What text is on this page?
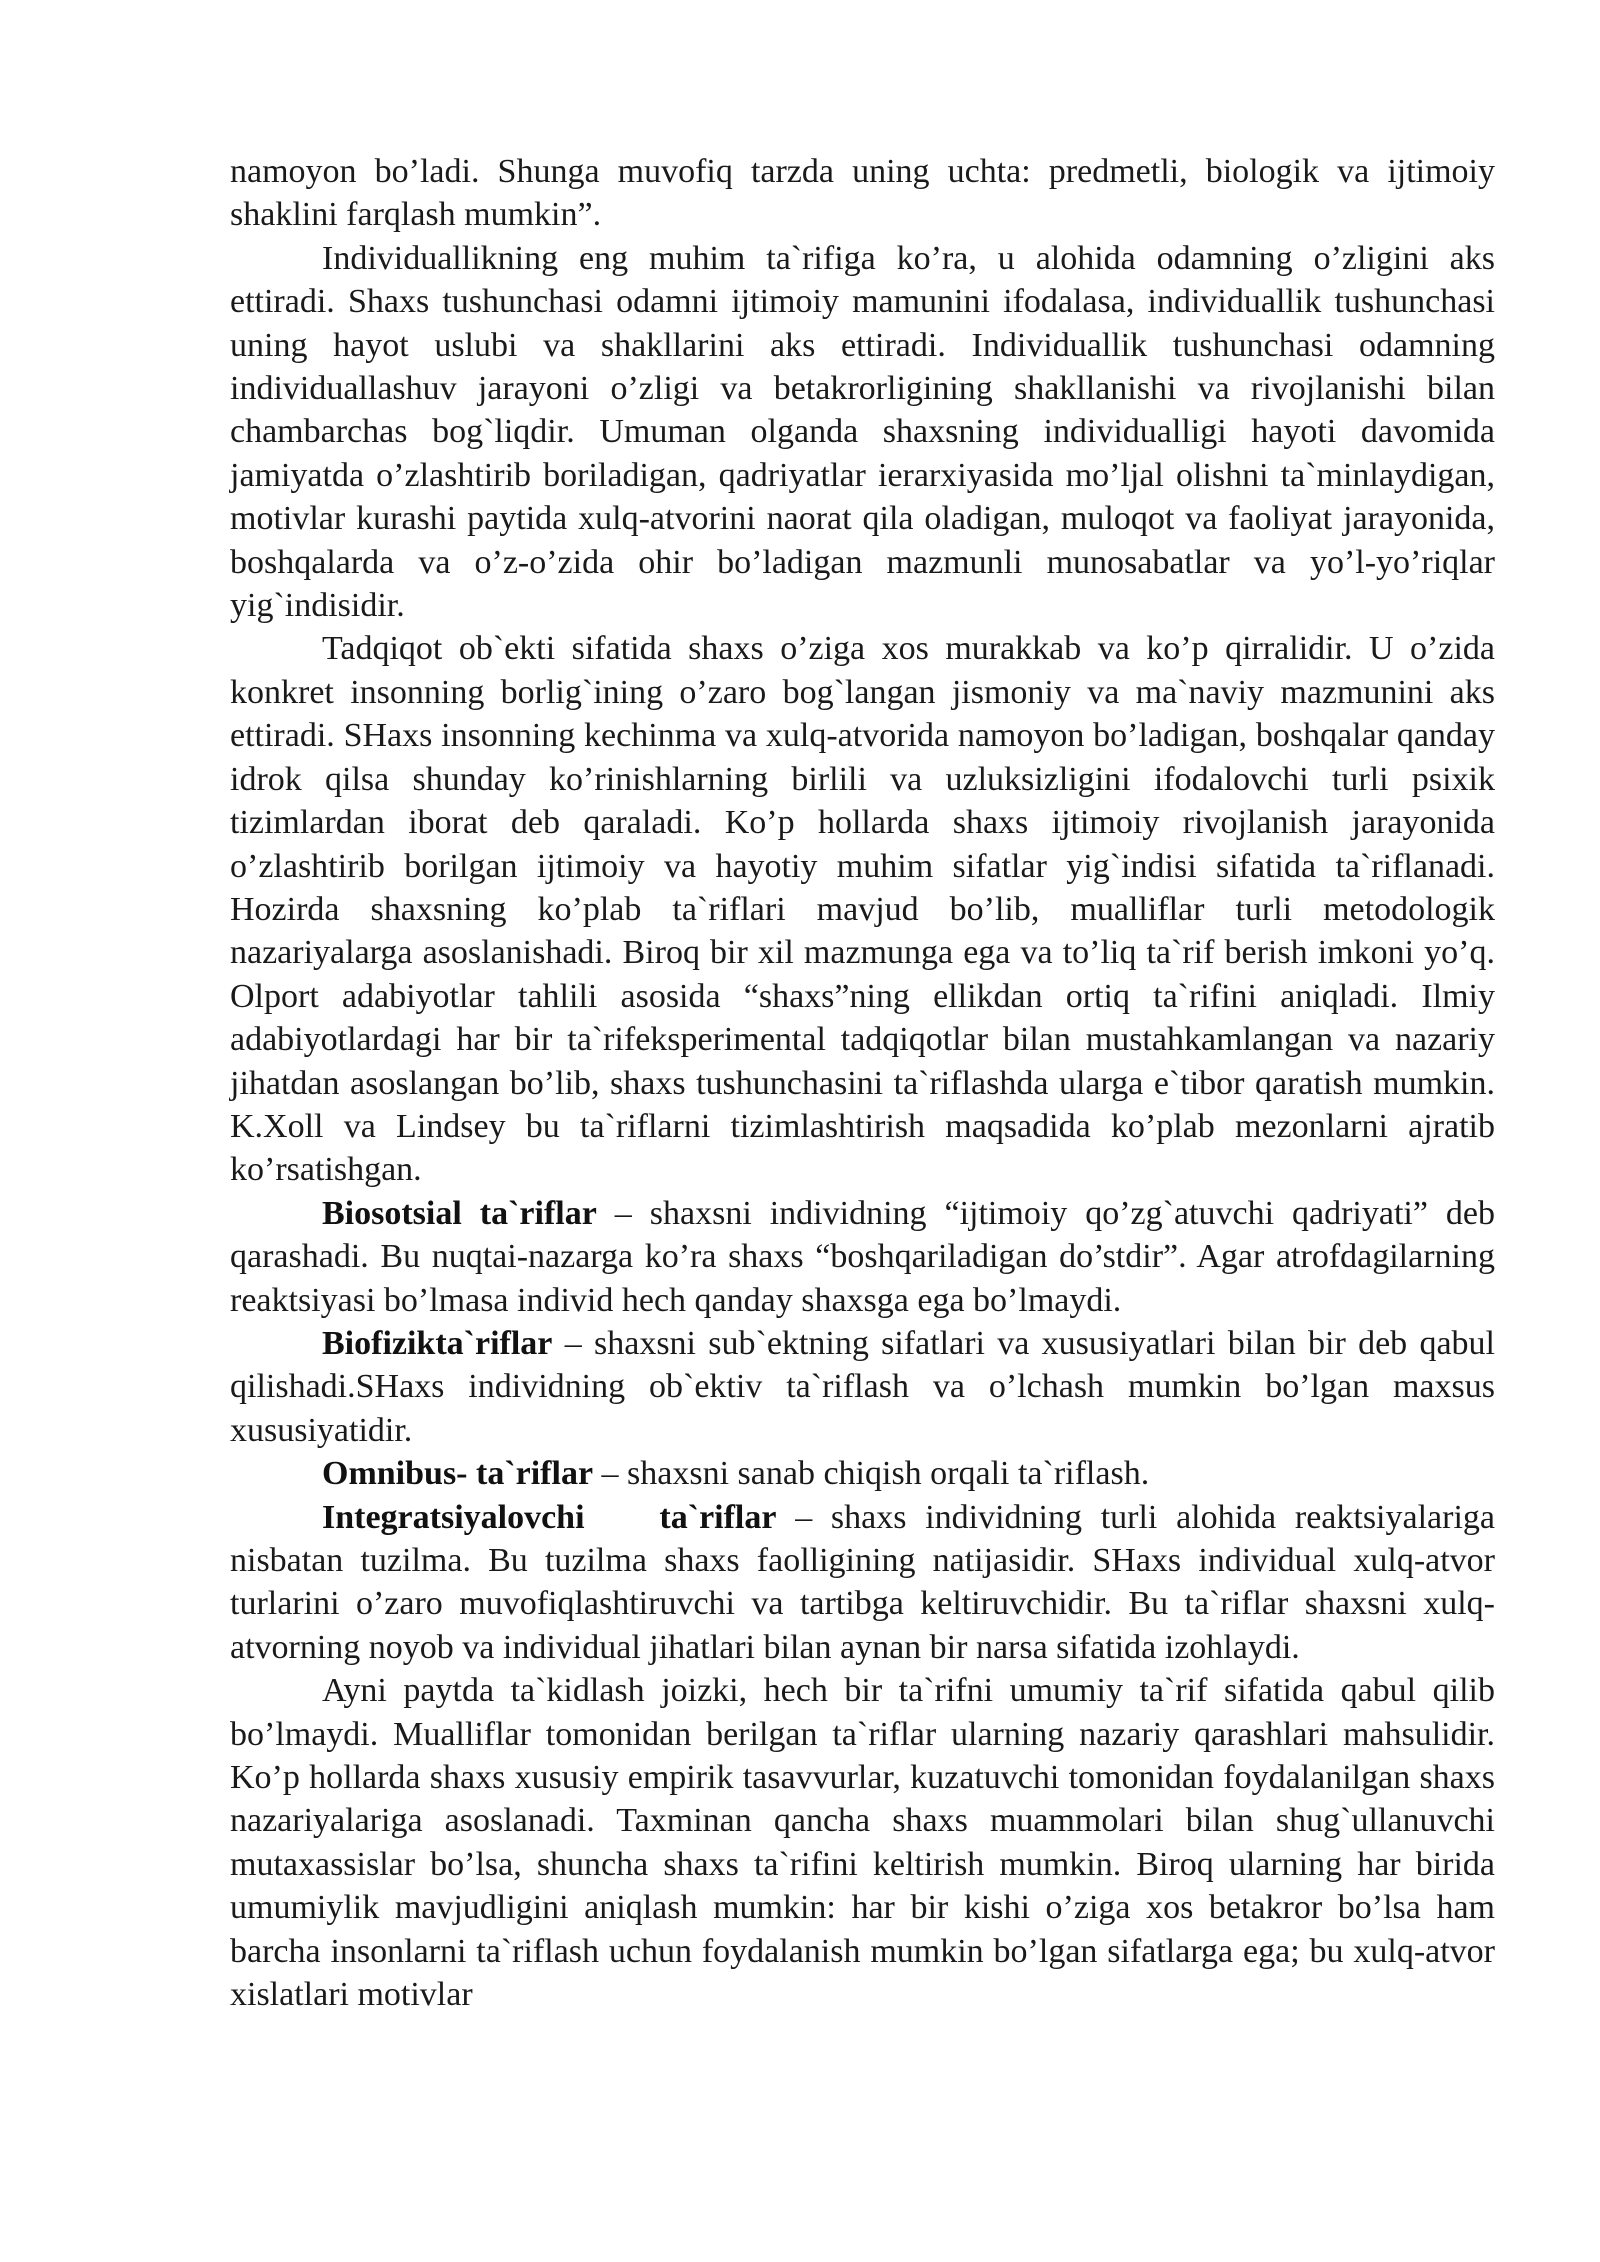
namoyon bo’ladi. Shunga muvofiq tarzda uning uchta: predmetli, biologik va ijtimoiy shaklini farqlash mumkin”.

Individuallikning eng muhim ta`rifiga ko’ra, u alohida odamning o’zligini aks ettiradi. Shaxs tushunchasi odamni ijtimoiy mamunini ifodalasa, individuallik tushunchasi uning hayot uslubi va shakllarini aks ettiradi. Individuallik tushunchasi odamning individuallashuv jarayoni o’zligi va betakrorligining shakllanishi va rivojlanishi bilan chambarchas bog`liqdir. Umuman olganda shaxsning individualligi hayoti davomida jamiyatda o’zlashtirib boriladigan, qadriyatlar ierarxiyasida mo’ljal olishni ta`minlaydigan, motivlar kurashi paytida xulq-atvorini naorat qila oladigan, muloqot va faoliyat jarayonida, boshqalarda va o’z-o’zida ohir bo’ladigan mazmunli munosabatlar va yo’l-yo’riqlar yig`indisidir.

Tadqiqot ob`ekti sifatida shaxs o’ziga xos murakkab va ko’p qirralidir. U o’zida konkret insonning borlig`ining o’zaro bog`langan jismoniy va ma`naviy mazmunini aks ettiradi. SHaxs insonning kechinma va xulq-atvorida namoyon bo’ladigan, boshqalar qanday idrok qilsa shunday ko’rinishlarning birlili va uzluksizligini ifodalovchi turli psixik tizimlardan iborat deb qaraladi. Ko’p hollarda shaxs ijtimoiy rivojlanish jarayonida o’zlashtirib borilgan ijtimoiy va hayotiy muhim sifatlar yig`indisi sifatida ta`riflanadi. Hozirda shaxsning ko’plab ta`riflari mavjud bo’lib, mualliflar turli metodologik nazariyalarga asoslanishadi. Biroq bir xil mazmunga ega va to’liq ta`rif berish imkoni yo’q. Olport adabiyotlar tahlili asosida “shaxs”ning ellikdan ortiq ta`rifini aniqladi. Ilmiy adabiyotlardagi har bir ta`rifeksperimental tadqiqotlar bilan mustahkamlangan va nazariy jihatdan asoslangan bo’lib, shaxs tushunchasini ta`riflashda ularga e`tibor qaratish mumkin. K.Xoll va Lindsey bu ta`riflarni tizimlashtirish maqsadida ko’plab mezonlarni ajratib ko’rsatishgan.

Biosotsial ta`riflar – shaxsni individning “ijtimoiy qo’zg`atuvchi qadriyati” deb qarashadi. Bu nuqtai-nazarga ko’ra shaxs “boshqariladigan do’stdir”. Agar atrofdagilarning reaktsiyasi bo’lmasa individ hech qanday shaxsga ega bo’lmaydi.

Biofizikta`riflar – shaxsni sub`ektning sifatlari va xususiyatlari bilan bir deb qabul qilishadi.SHaxs individning ob`ektiv ta`riflash va o’lchash mumkin bo’lgan maxsus xususiyatidir.

Omnibus- ta`riflar – shaxsni sanab chiqish orqali ta`riflash.

Integratsiyalovchi    ta`riflar – shaxs individning turli alohida reaktsiyalariga nisbatan tuzilma. Bu tuzilma shaxs faolligining natijasidir. SHaxs individual xulq-atvor turlarini o’zaro muvofiqlashtiruvchi va tartibga keltiruvchidir. Bu ta`riflar shaxsni xulq-atvorning noyob va individual jihatlari bilan aynan bir narsa sifatida izohlaydi.

Ayni paytda ta`kidlash joizki, hech bir ta`rifni umumiy ta`rif sifatida qabul qilib bo’lmaydi. Mualliflar tomonidan berilgan ta`riflar ularning nazariy qarashlari mahsulidir. Ko’p hollarda shaxs xususiy empirik tasavvurlar, kuzatuvchi tomonidan foydalanilgan shaxs nazariyalariga asoslanadi. Taxminan qancha shaxs muammolari bilan shug`ullanuvchi mutaxassislar bo’lsa, shuncha shaxs ta`rifini keltirish mumkin. Biroq ularning har birida umumiylik mavjudligini aniqlash mumkin: har bir kishi o’ziga xos betakror bo’lsa ham barcha insonlarni ta`riflash uchun foydalanish mumkin bo’lgan sifatlarga ega; bu xulq-atvor xislatlari motivlar
